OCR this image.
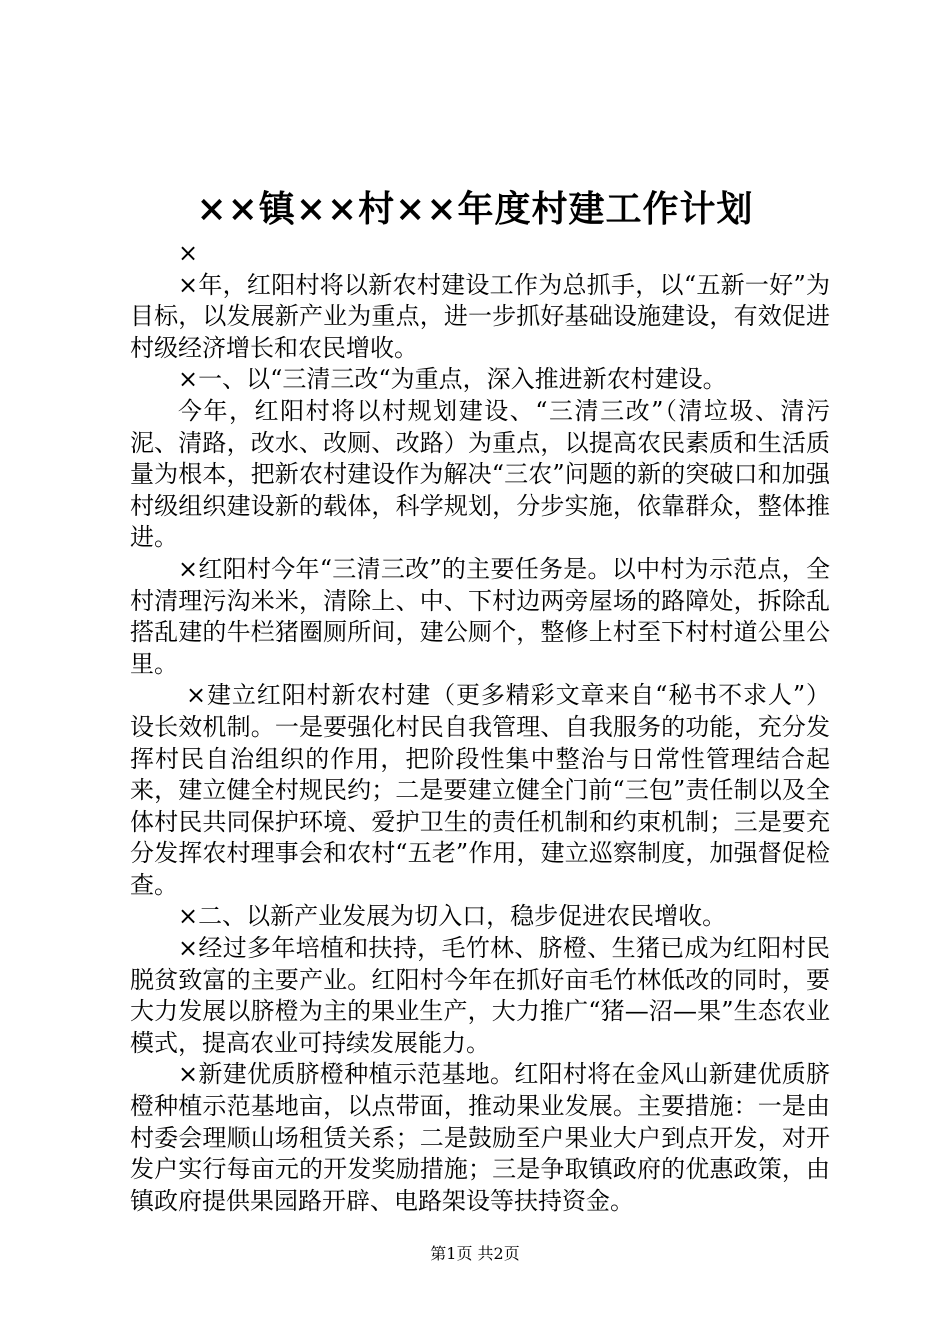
××镇××村××年度村建工作计划

×

×年，红阳村将以新农村建设工作为总抓手，以“五新一好”为目标，以发展新产业为重点，进一步抓好基础设施建设，有效促进村级经济增长和农民增收。

×一、以“三清三改“为重点，深入推进新农村建设。

今年，红阳村将以村规划建设、“三清三改”（清垃圾、清污泥、清路，改水、改厕、改路）为重点，以提高农民素质和生活质量为根本，把新农村建设作为解决“三农”问题的新的突破口和加强村级组织建设新的载体，科学规划，分步实施，依靠群众，整体推进。

×红阳村今年“三清三改”的主要任务是。以中村为示范点，全村清理污沟米米，清除上、中、下村边两旁屋场的路障处，拆除乱搭乱建的牛栏猪圈厕所间，建公厕个，整修上村至下村村道公里公里。

×建立红阳村新农村建（更多精彩文章来自“秘书不求人”）设长效机制。一是要强化村民自我管理、自我服务的功能，充分发挥村民自治组织的作用，把阶段性集中整治与日常性管理结合起来，建立健全村规民约；二是要建立健全门前“三包”责任制以及全体村民共同保护环境、爱护卫生的责任机制和约束机制；三是要充分发挥农村理事会和农村“五老”作用，建立巡察制度，加强督促检查。

×二、以新产业发展为切入口，稳步促进农民增收。

×经过多年培植和扶持，毛竹林、脐橙、生猪已成为红阳村民脱贫致富的主要产业。红阳村今年在抓好亩毛竹林低改的同时，要大力发展以脐橙为主的果业生产，大力推广“猪—沼—果”生态农业模式，提高农业可持续发展能力。

×新建优质脐橙种植示范基地。红阳村将在金风山新建优质脐橙种植示范基地亩，以点带面，推动果业发展。主要措施：一是由村委会理顺山场租赁关系；二是鼓励至户果业大户到点开发，对开发户实行每亩元的开发奖励措施；三是争取镇政府的优惠政策，由镇政府提供果园路开辟、电路架设等扶持资金。

第1页 共2页
